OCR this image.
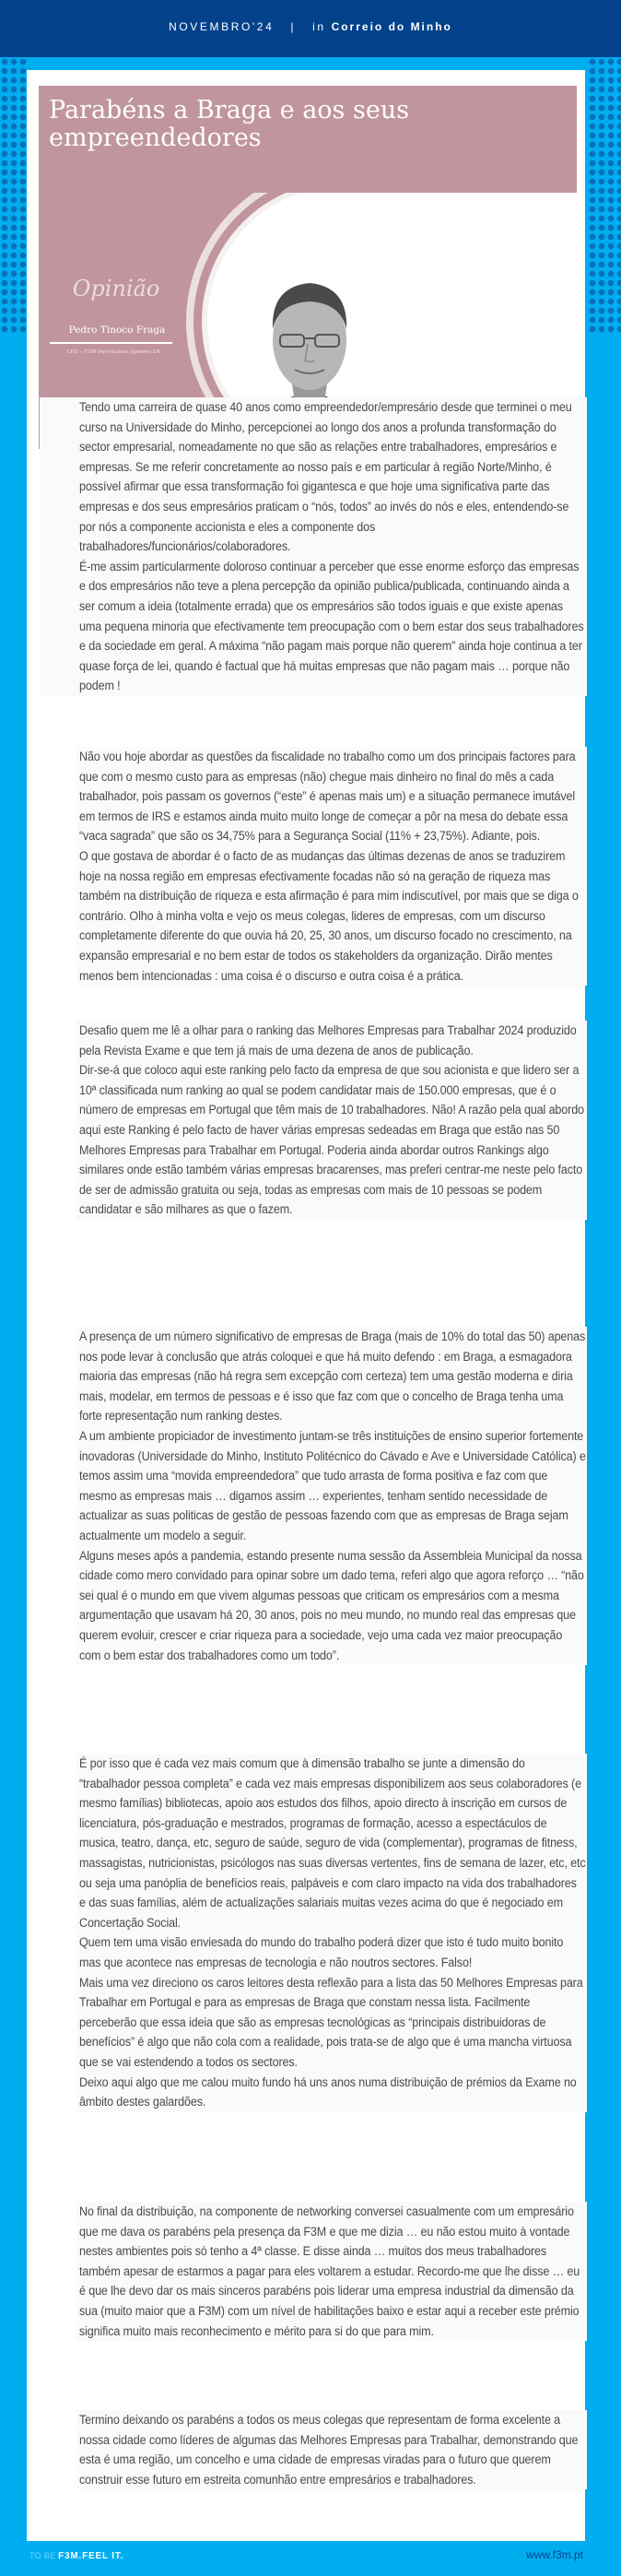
NOVEMBRO'24 | in Correio do Minho
Parabéns a Braga e aos seus empreendedores
Opinião
Pedro Tinoco Fraga
CEO – F3M Information Systems SA

Tendo uma carreira de quase 40 anos como empreendedor/empresário desde que terminei o meu curso na Universidade do Minho, percepcionei ao longo dos anos a profunda transformação do sector empresarial, nomeadamente no que são as relações entre trabalhadores, empresários e empresas. Se me referir concretamente ao nosso país e em particular à região Norte/Minho, é possível afirmar que essa transformação foi gigantesca e que hoje uma significativa parte das empresas e dos seus empresários praticam o “nós, todos” ao invés do nós e eles, entendendo-se por nós a componente accionista e eles a componente dos trabalhadores/funcionários/colaboradores.

É-me assim particularmente doloroso continuar a perceber que esse enorme esforço das empresas e dos empresários não teve a plena percepção da opinião publica/publicada, continuando ainda a ser comum a ideia (totalmente errada) que os empresários são todos iguais e que existe apenas uma pequena minoria que efectivamente tem preocupação com o bem estar dos seus trabalhadores e da sociedade em geral. A máxima “não pagam mais porque não querem” ainda hoje continua a ter quase força de lei, quando é factual que há muitas empresas que não pagam mais … porque não podem !

Não vou hoje abordar as questões da fiscalidade no trabalho como um dos principais factores para que com o mesmo custo para as empresas (não) chegue mais dinheiro no final do mês a cada trabalhador, pois passam os governos (“este” é apenas mais um) e a situação permanece imutável em termos de IRS e estamos ainda muito muito longe de começar a pôr na mesa do debate essa “vaca sagrada” que são os 34,75% para a Segurança Social (11% + 23,75%). Adiante, pois.

O que gostava de abordar é o facto de as mudanças das últimas dezenas de anos se traduzirem hoje na nossa região em empresas efectivamente focadas não só na geração de riqueza mas também na distribuição de riqueza e esta afirmação é para mim indiscutível, por mais que se diga o contrário. Olho à minha volta e vejo os meus colegas, lideres de empresas, com um discurso completamente diferente do que ouvia há 20, 25, 30 anos, um discurso focado no crescimento, na expansão empresarial e no bem estar de todos os stakeholders da organização. Dirão mentes menos bem intencionadas : uma coisa é o discurso e outra coisa é a prática.

Desafio quem me lê a olhar para o ranking das Melhores Empresas para Trabalhar 2024 produzido pela Revista Exame e que tem já mais de uma dezena de anos de publicação.

Dir-se-á que coloco aqui este ranking pelo facto da empresa de que sou acionista e que lidero ser a 10ª classificada num ranking ao qual se podem candidatar mais de 150.000 empresas, que é o número de empresas em Portugal que têm mais de 10 trabalhadores. Não! A razão pela qual abordo aqui este Ranking é pelo facto de haver várias empresas sedeadas em Braga que estão nas 50 Melhores Empresas para Trabalhar em Portugal. Poderia ainda abordar outros Rankings algo similares onde estão também várias empresas bracarenses, mas preferi centrar-me neste pelo facto de ser de admissão gratuita ou seja, todas as empresas com mais de 10 pessoas se podem candidatar e são milhares as que o fazem.

A presença de um número significativo de empresas de Braga (mais de 10% do total das 50) apenas nos pode levar à conclusão que atrás coloquei e que há muito defendo : em Braga, a esmagadora maioria das empresas (não há regra sem excepção com certeza) tem uma gestão moderna e diria mais, modelar, em termos de pessoas e é isso que faz com que o concelho de Braga tenha uma forte representação num ranking destes.

A um ambiente propiciador de investimento juntam-se três instituições de ensino superior fortemente inovadoras (Universidade do Minho, Instituto Politécnico do Cávado e Ave e Universidade Católica) e temos assim uma “movida empreendedora” que tudo arrasta de forma positiva e faz com que mesmo as empresas mais … digamos assim … experientes, tenham sentido necessidade de actualizar as suas politicas de gestão de pessoas fazendo com que as empresas de Braga sejam actualmente um modelo a seguir.

Alguns meses após a pandemia, estando presente numa sessão da Assembleia Municipal da nossa cidade como mero convidado para opinar sobre um dado tema, referi algo que agora reforço … “não sei qual é o mundo em que vivem algumas pessoas que criticam os empresários com a mesma argumentação que usavam há 20, 30 anos, pois no meu mundo, no mundo real das empresas que querem evoluir, crescer e criar riqueza para a sociedade, vejo uma cada vez maior preocupação com o bem estar dos trabalhadores como um todo”.

É por isso que é cada vez mais comum que à dimensão trabalho se junte a dimensão do “trabalhador pessoa completa” e cada vez mais empresas disponibilizem aos seus colaboradores (e mesmo famílias) bibliotecas, apoio aos estudos dos filhos, apoio directo à inscrição em cursos de licenciatura, pós-graduação e mestrados, programas de formação, acesso a espectáculos de musica, teatro, dança, etc, seguro de saúde, seguro de vida (complementar), programas de fitness, massagistas, nutricionistas, psicólogos nas suas diversas vertentes, fins de semana de lazer, etc, etc ou seja uma panóplia de benefícios reais, palpáveis e com claro impacto na vida dos trabalhadores e das suas famílias, além de actualizações salariais muitas vezes acima do que é negociado em Concertação Social.

Quem tem uma visão enviesada do mundo do trabalho poderá dizer que isto é tudo muito bonito mas que acontece nas empresas de tecnologia e não noutros sectores. Falso!

Mais uma vez direciono os caros leitores desta reflexão para a lista das 50 Melhores Empresas para Trabalhar em Portugal e para as empresas de Braga que constam nessa lista. Facilmente perceberão que essa ideia que são as empresas tecnológicas as “principais distribuidoras de benefícios” é algo que não cola com a realidade, pois trata-se de algo que é uma mancha virtuosa que se vai estendendo a todos os sectores.

Deixo aqui algo que me calou muito fundo há uns anos numa distribuição de prémios da Exame no âmbito destes galardões.

No final da distribuição, na componente de networking conversei casualmente com um empresário que me dava os parabéns pela presença da F3M e que me dizia … eu não estou muito à vontade nestes ambientes pois só tenho a 4ª classe. E disse ainda … muitos dos meus trabalhadores também apesar de estarmos a pagar para eles voltarem a estudar. Recordo-me que lhe disse … eu é que lhe devo dar os mais sinceros parabéns pois liderar uma empresa industrial da dimensão da sua (muito maior que a F3M) com um nível de habilitações baixo e estar aqui a receber este prémio significa muito mais reconhecimento e mérito para si do que para mim.

Termino deixando os parabéns a todos os meus colegas que representam de forma excelente a nossa cidade como líderes de algumas das Melhores Empresas para Trabalhar, demonstrando que esta é uma região, um concelho e uma cidade de empresas viradas para o futuro que querem construir esse futuro em estreita comunhão entre empresários e trabalhadores.

TO BE F3M.FEEL IT.	www.f3m.pt
